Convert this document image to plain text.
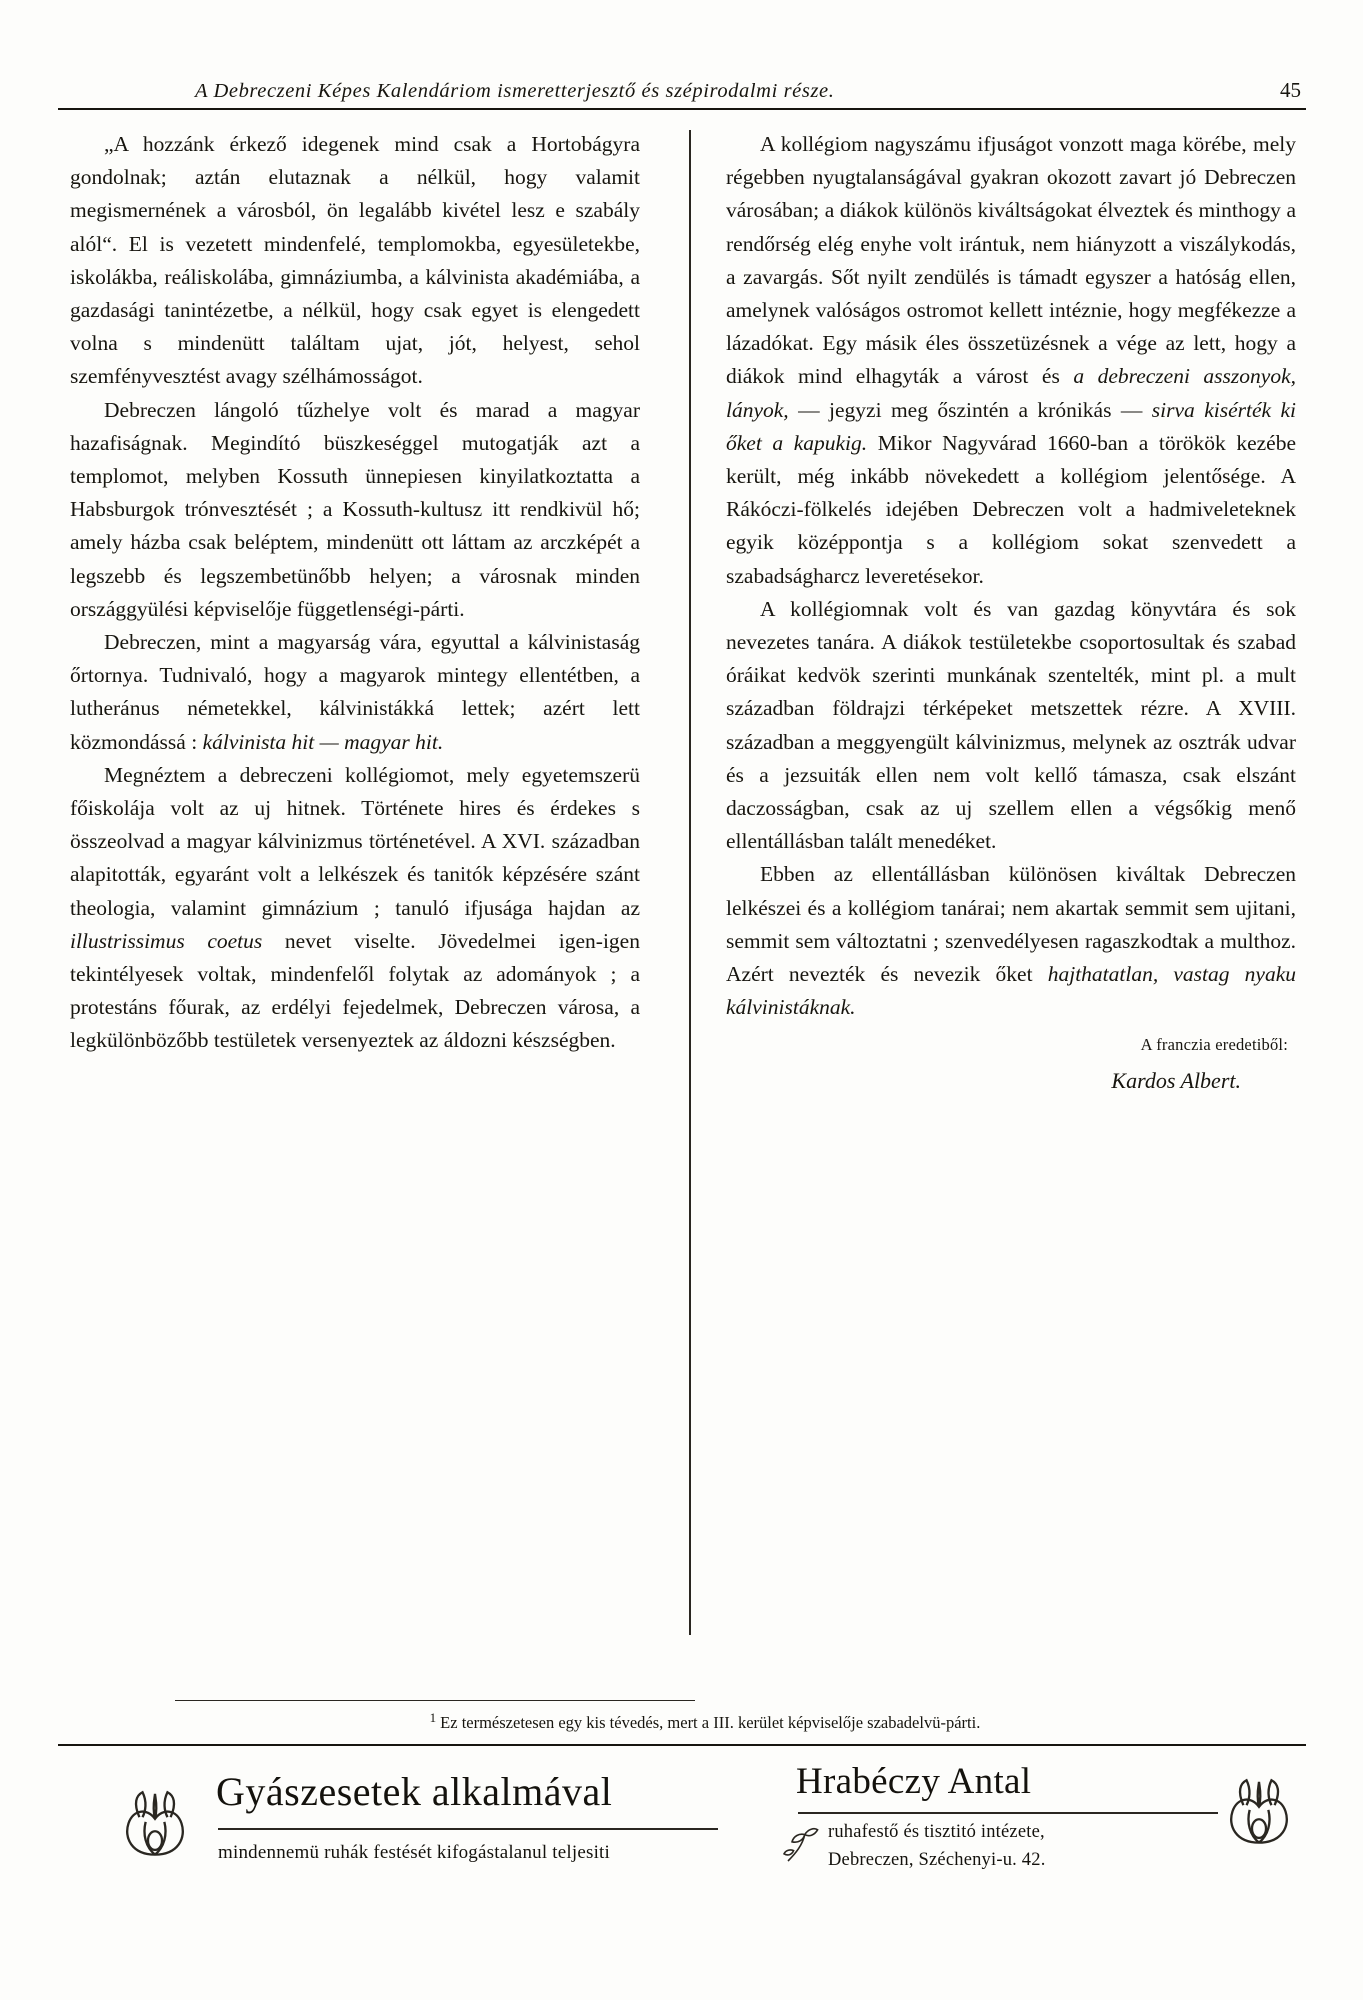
A Debreczeni Képes Kalendáriom ismeretterjesztő és szépirodalmi része.	45

„A hozzánk érkező idegenek mind csak a Hortobágyra gondolnak; aztán elutaznak a nélkül, hogy valamit megismernének a városból, ön legalább kivétel lesz e szabály alól“. El is vezetett mindenfelé, templomokba, egyesületekbe, iskolákba, reáliskolába, gimnáziumba, a kálvinista akadémiába, a gazdasági tanintézetbe, a nélkül, hogy csak egyet is elengedett volna s mindenütt találtam ujat, jót, helyest, sehol szemfényvesztést avagy szélhámosságot.

Debreczen lángoló tűzhelye volt és marad a magyar hazafiságnak. Megindító büszkeséggel mutogatják azt a templomot, melyben Kossuth ünnepiesen kinyilatkoztatta a Habsburgok trónvesztését ; a Kossuth-kultusz itt rendkivül hő; amely házba csak beléptem, mindenütt ott láttam az arczképét a legszebb és legszembetünőbb helyen; a városnak minden országgyülési képviselője függetlenségi-párti.

Debreczen, mint a magyarság vára, egyuttal a kálvinistaság őrtornya. Tudnivaló, hogy a magyarok mintegy ellentétben, a lutheránus németekkel, kálvinistákká lettek; azért lett közmondássá : kálvinista hit — magyar hit.

Megnéztem a debreczeni kollégiomot, mely egyetemszerü főiskolája volt az uj hitnek. Története hires és érdekes s összeolvad a magyar kálvinizmus történetével. A XVI. században alapitották, egyaránt volt a lelkészek és tanitók képzésére szánt theologia, valamint gimnázium ; tanuló ifjusága hajdan az illustrissimus coetus nevet viselte. Jövedelmei igen-igen tekintélyesek voltak, mindenfelől folytak az adományok ; a protestáns főurak, az erdélyi fejedelmek, Debreczen városa, a legkülönbözőbb testületek versenyeztek az áldozni készségben.

A kollégiom nagyszámu ifjuságot vonzott maga körébe, mely régebben nyugtalanságával gyakran okozott zavart jó Debreczen városában; a diákok különös kiváltságokat élveztek és minthogy a rendőrség elég enyhe volt irántuk, nem hiányzott a viszálykodás, a zavargás. Sőt nyilt zendülés is támadt egyszer a hatóság ellen, amelynek valóságos ostromot kellett intéznie, hogy megfékezze a lázadókat. Egy másik éles összetüzésnek a vége az lett, hogy a diákok mind elhagyták a várost és a debreczeni asszonyok, lányok, — jegyzi meg őszintén a krónikás — sirva kisérték ki őket a kapukig. Mikor Nagyvárad 1660-ban a törökök kezébe került, még inkább növekedett a kollégiom jelentősége. A Rákóczi-fölkelés idejében Debreczen volt a hadmiveleteknek egyik középpontja s a kollégiom sokat szenvedett a szabadságharcz leveretésekor.

A kollégiomnak volt és van gazdag könyvtára és sok nevezetes tanára. A diákok testületekbe csoportosultak és szabad óráikat kedvök szerinti munkának szentelték, mint pl. a mult században földrajzi térképeket metszettek rézre. A XVIII. században a meggyengült kálvinizmus, melynek az osztrák udvar és a jezsuiták ellen nem volt kellő támasza, csak elszánt daczosságban, csak az uj szellem ellen a végsőkig menő ellentállásban talált menedéket.

Ebben az ellentállásban különösen kiváltak Debreczen lelkészei és a kollégiom tanárai; nem akartak semmit sem ujitani, semmit sem változtatni ; szenvedélyesen ragaszkodtak a multhoz. Azért nevezték és nevezik őket hajthatatlan, vastag nyaku kálvinistáknak.

A franczia eredetiből:
Kardos Albert.
$^1$ Ez természetesen egy kis tévedés, mert a III. kerület képviselője szabadelvü-párti.
Gyászesetek alkalmával
mindennemü ruhák festését kifogástalanul teljesiti
Hrabéczy Antal
ruhafestő és tisztitó intézete,
Debreczen, Széchenyi-u. 42.
